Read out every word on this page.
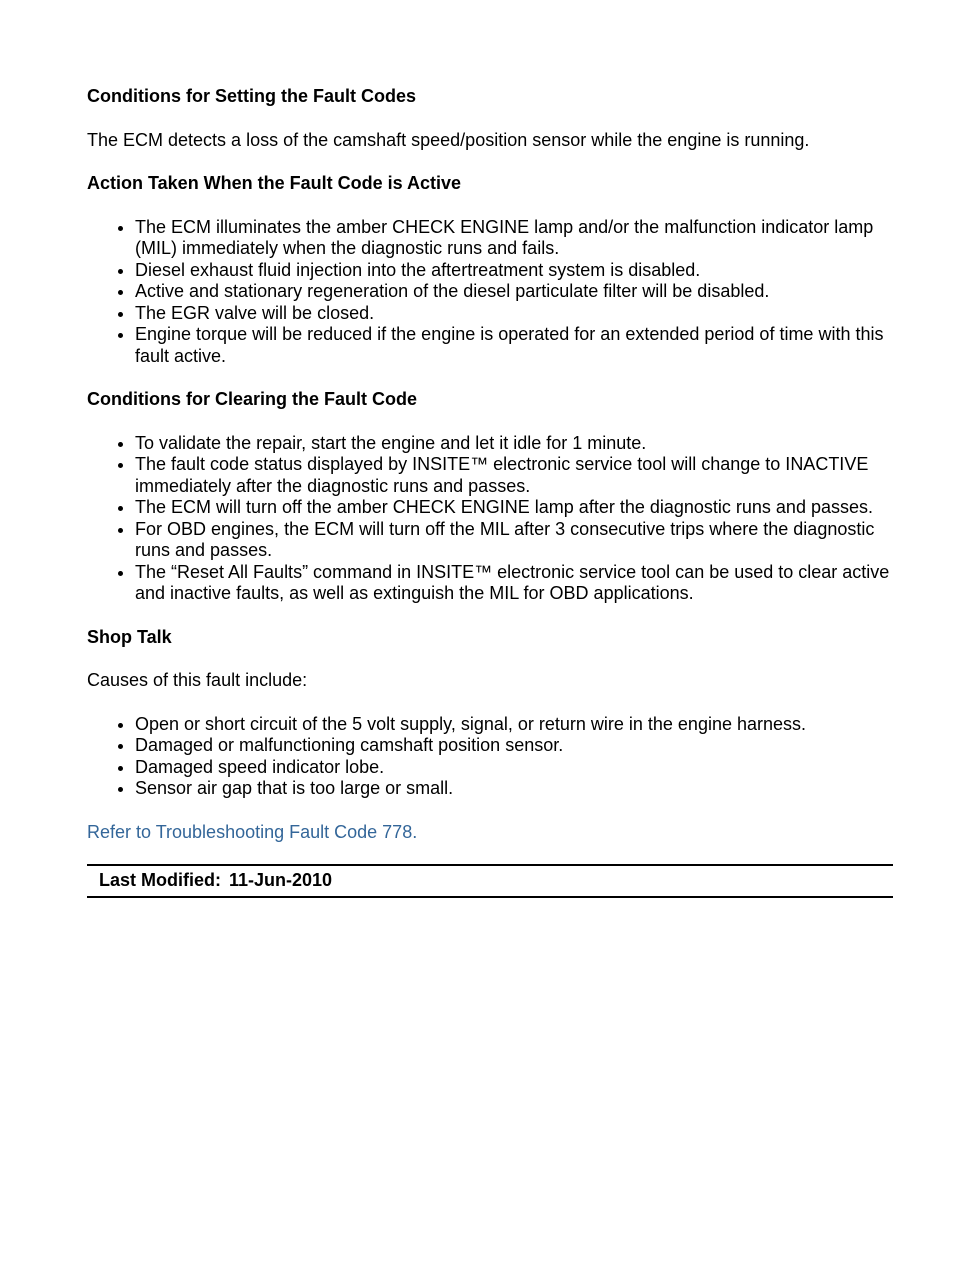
Conditions for Setting the Fault Codes

The ECM detects a loss of the camshaft speed/position sensor while the engine is running.

Action Taken When the Fault Code is Active
The ECM illuminates the amber CHECK ENGINE lamp and/or the malfunction indicator lamp (MIL) immediately when the diagnostic runs and fails.
Diesel exhaust fluid injection into the aftertreatment system is disabled.
Active and stationary regeneration of the diesel particulate filter will be disabled.
The EGR valve will be closed.
Engine torque will be reduced if the engine is operated for an extended period of time with this fault active.
Conditions for Clearing the Fault Code
To validate the repair, start the engine and let it idle for 1 minute.
The fault code status displayed by INSITE™ electronic service tool will change to INACTIVE immediately after the diagnostic runs and passes.
The ECM will turn off the amber CHECK ENGINE lamp after the diagnostic runs and passes.
For OBD engines, the ECM will turn off the MIL after 3 consecutive trips where the diagnostic runs and passes.
The “Reset All Faults” command in INSITE™ electronic service tool can be used to clear active and inactive faults, as well as extinguish the MIL for OBD applications.
Shop Talk

Causes of this fault include:

Open or short circuit of the 5 volt supply, signal, or return wire in the engine harness.
Damaged or malfunctioning camshaft position sensor.
Damaged speed indicator lobe.
Sensor air gap that is too large or small.

Refer to Troubleshooting Fault Code 778.

Last Modified: 11-Jun-2010
